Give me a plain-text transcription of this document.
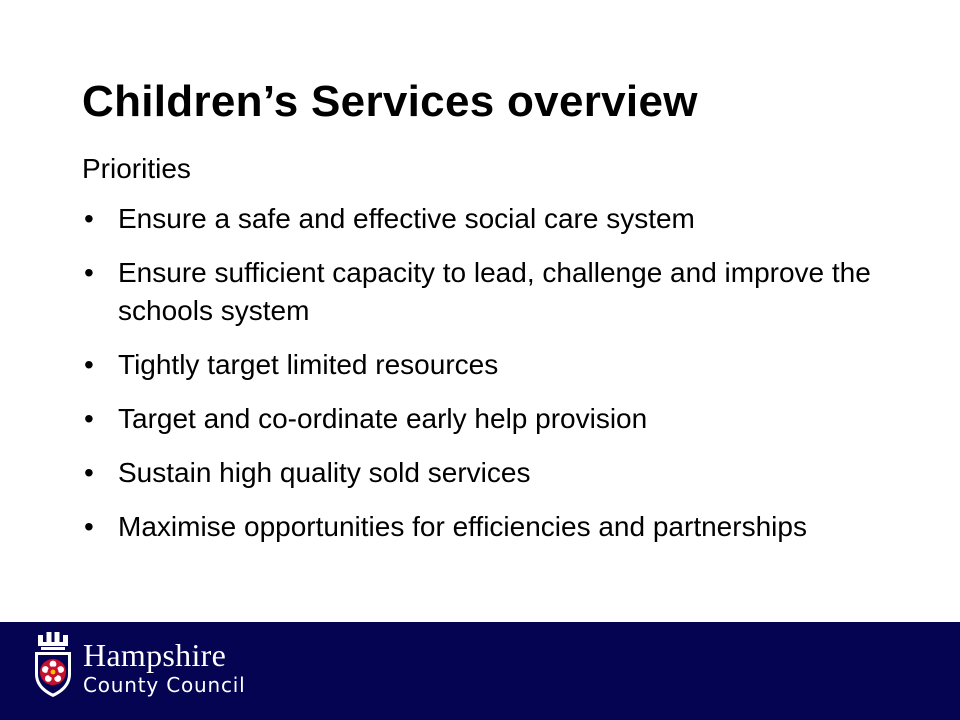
Children’s Services overview
Priorities
• Ensure a safe and effective social care system
• Ensure sufficient capacity to lead, challenge and improve the schools system
• Tightly target limited resources
• Target and co-ordinate early help provision
• Sustain high quality sold services
• Maximise opportunities for efficiencies and partnerships
Hampshire
County Council
